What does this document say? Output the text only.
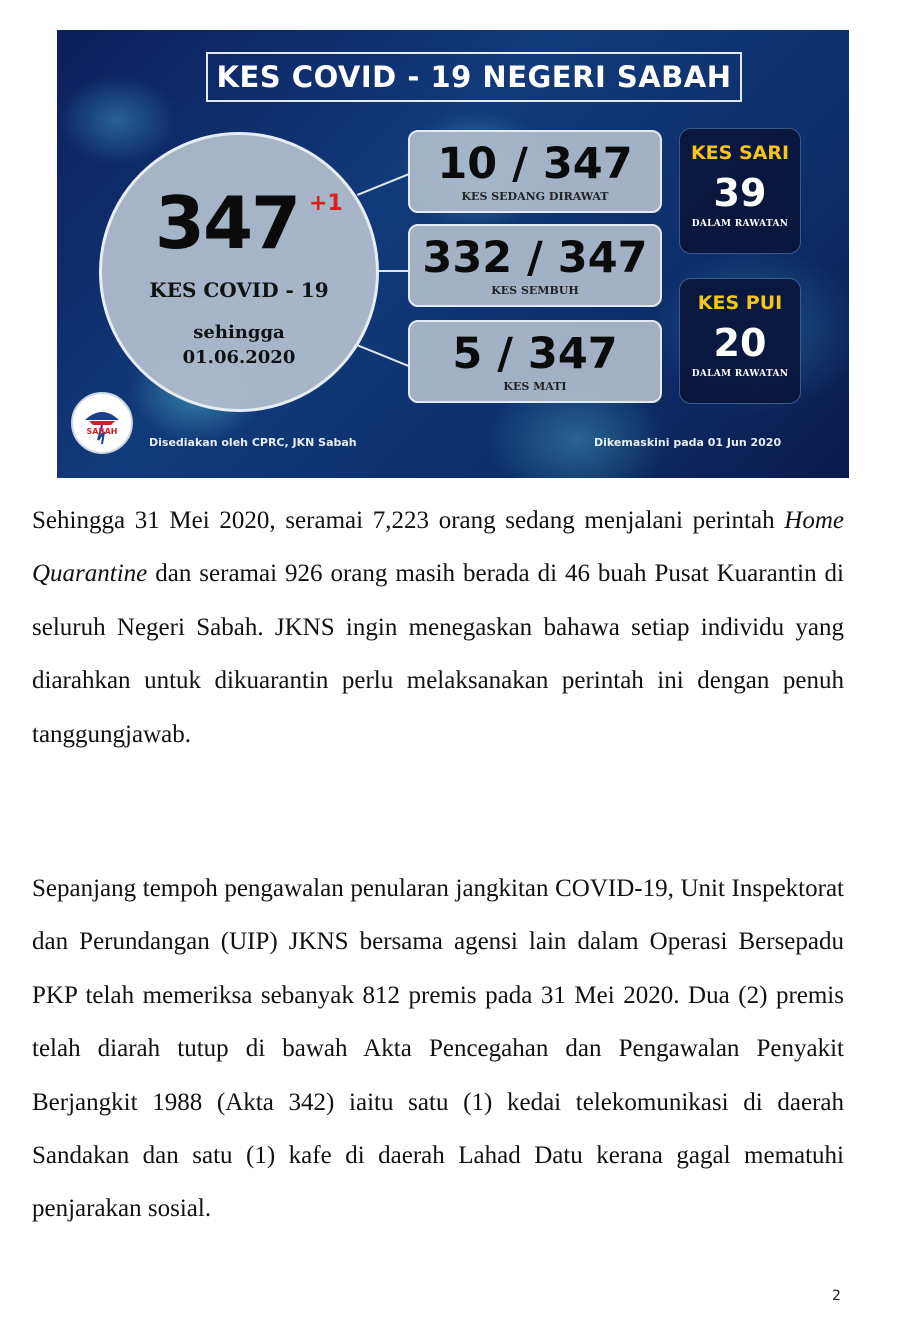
KES COVID - 19 NEGERI SABAH
347 +1
KES COVID - 19
sehingga
01.06.2020
10 / 347
KES SEDANG DIRAWAT
332 / 347
KES SEMBUH
5 / 347
KES MATI
KES SARI
39
DALAM RAWATAN
KES PUI
20
DALAM RAWATAN
SABAH
Disediakan oleh CPRC, JKN Sabah	Dikemaskini pada 01 Jun 2020

Sehingga 31 Mei 2020, seramai 7,223 orang sedang menjalani perintah Home Quarantine dan seramai 926 orang masih berada di 46 buah Pusat Kuarantin di seluruh Negeri Sabah. JKNS ingin menegaskan bahawa setiap individu yang diarahkan untuk dikuarantin perlu melaksanakan perintah ini dengan penuh tanggungjawab.

Sepanjang tempoh pengawalan penularan jangkitan COVID-19, Unit Inspektorat dan Perundangan (UIP) JKNS bersama agensi lain dalam Operasi Bersepadu PKP telah memeriksa sebanyak 812 premis pada 31 Mei 2020. Dua (2) premis telah diarah tutup di bawah Akta Pencegahan dan Pengawalan Penyakit Berjangkit 1988 (Akta 342) iaitu satu (1) kedai telekomunikasi di daerah Sandakan dan satu (1) kafe di daerah Lahad Datu kerana gagal mematuhi penjarakan sosial.

2
